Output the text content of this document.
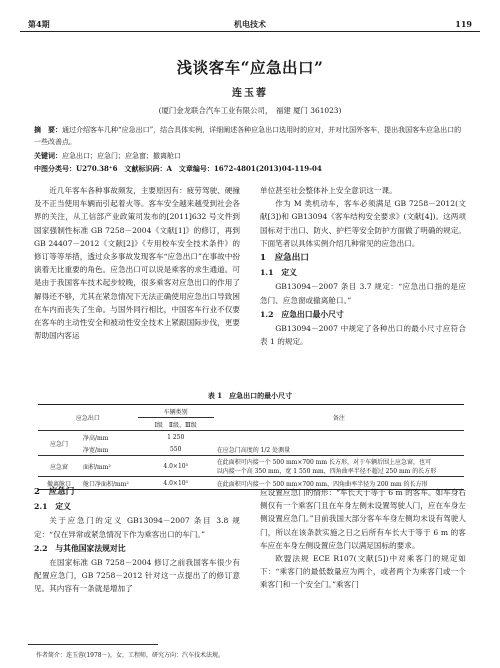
第4期	机电技术	119
浅谈客车“应急出口”
连玉蓉
(厦门金龙联合汽车工业有限公司，　福建 厦门 361023)
摘　要：通过介绍客车几种“应急出口”，结合具体实例，详细阐述各种应急出口选用时的应对，并对比国外客车，提出我国客车应急出口的一些改善点。
关键词：应急出口；应急门；应急窗；撤离舱口
中图分类号：U270.38⁺6　文献标识码：A　文章编号：1672-4801(2013)04-119-04

近几年客车各种事故频发，主要原因有：疲劳驾驶、硬撞及不正当使用车辆而引起着火等。客车安全越来越受到社会各界的关注，从工信部产业政策司发布的[2011]632 号文件到国家强制性标准 GB 7258－2004《文献[1]》的修订，再到 GB 24407－2012《文献[2]》《专用校车安全技术条件》的修订等等举措，透过众多事故发现客车“应急出口”在事故中扮演着无比重要的角色。应急出口可以说是乘客的求生通道。可是由于我国客车技术起步较晚，很多乘客对应急出口的作用了解得还不够，尤其在紧急情况下无法正确使用应急出口导致困在车内而丧失了生命。与国外同行相比，中国客车行业不仅要在客车的主动性安全和被动性安全技术上紧跟国际步伐，更要帮助国内客运

单位甚至社会整体补上安全意识这一课。

作为 M 类机动车，客车必须满足 GB 7258－2012(文献[3])和 GB13094《客车结构安全要求》(文献[4])。这两项国标对于出口、防火、护栏等安全防护方面做了明确的规定。下面笔者以具体实例介绍几种常见的应急出口。

1　应急出口
1.1　定义

GB13094－2007 条目 3.7 规定：“应急出口指的是应急门、应急窗或撤离舱口。”

1.2　应急出口最小尺寸

GB13094－2007 中规定了各种出口的最小尺寸应符合表 1 的规定。

表 1　应急出口的最小尺寸
应急出口		车辆类别	备注
		Ⅰ级　Ⅱ级、Ⅲ级	
应急门	净高/mm	1 250	
	净宽/mm	550	在应急门高度的 1/2 处测量
应急窗	面积/mm²	4.0×10⁵	在此面积可内接一个 500 mm×700 mm 长方形，对于车辆后围上应急窗，也可
以内接一个高 350 mm，宽 1 550 mm，四角曲率半径不超过 250 mm 的长方形

撤离舱口	舱口净面积/mm²	4.0×10⁵	在此面积可内接一个 500 mm×700 mm，四角曲率半径为 200 mm 的长方形
2　应急门
2.1　定义

关于应急门的定义 GB13094－2007 条目 3.8 规定：“仅在异常或紧急情况下作为乘客出口的车门。”

2.2　与其他国家法规对比

在国家标准 GB 7258－2004 修订之前我国客车很少有配置应急门，GB 7258－2012 针对这一点提出了的修订意见。其内容有一条就是增加了

应设置应急门的情形：“车长大于等于 6 m 的客车。如车身右侧仅有一个乘客门且在车身左侧未设置驾驶人门，应在车身左侧设置应急门。”目前我国大部分客车车身左侧均未设有驾驶人门，所以在该条款实施之日之后所有车长大于等于 6 m 的客车应在车身左侧设置应急门以满足国标的要求。

欧盟法规 ECE R107(文献[5])中对乘客门的规定如下：“乘客门的最低数量应为两个，或者两个为乘客门或一个乘客门和一个安全门。”乘客门

作者简介：连玉蓉(1978－)，女，工程师，研究方向：汽车技术法规。
